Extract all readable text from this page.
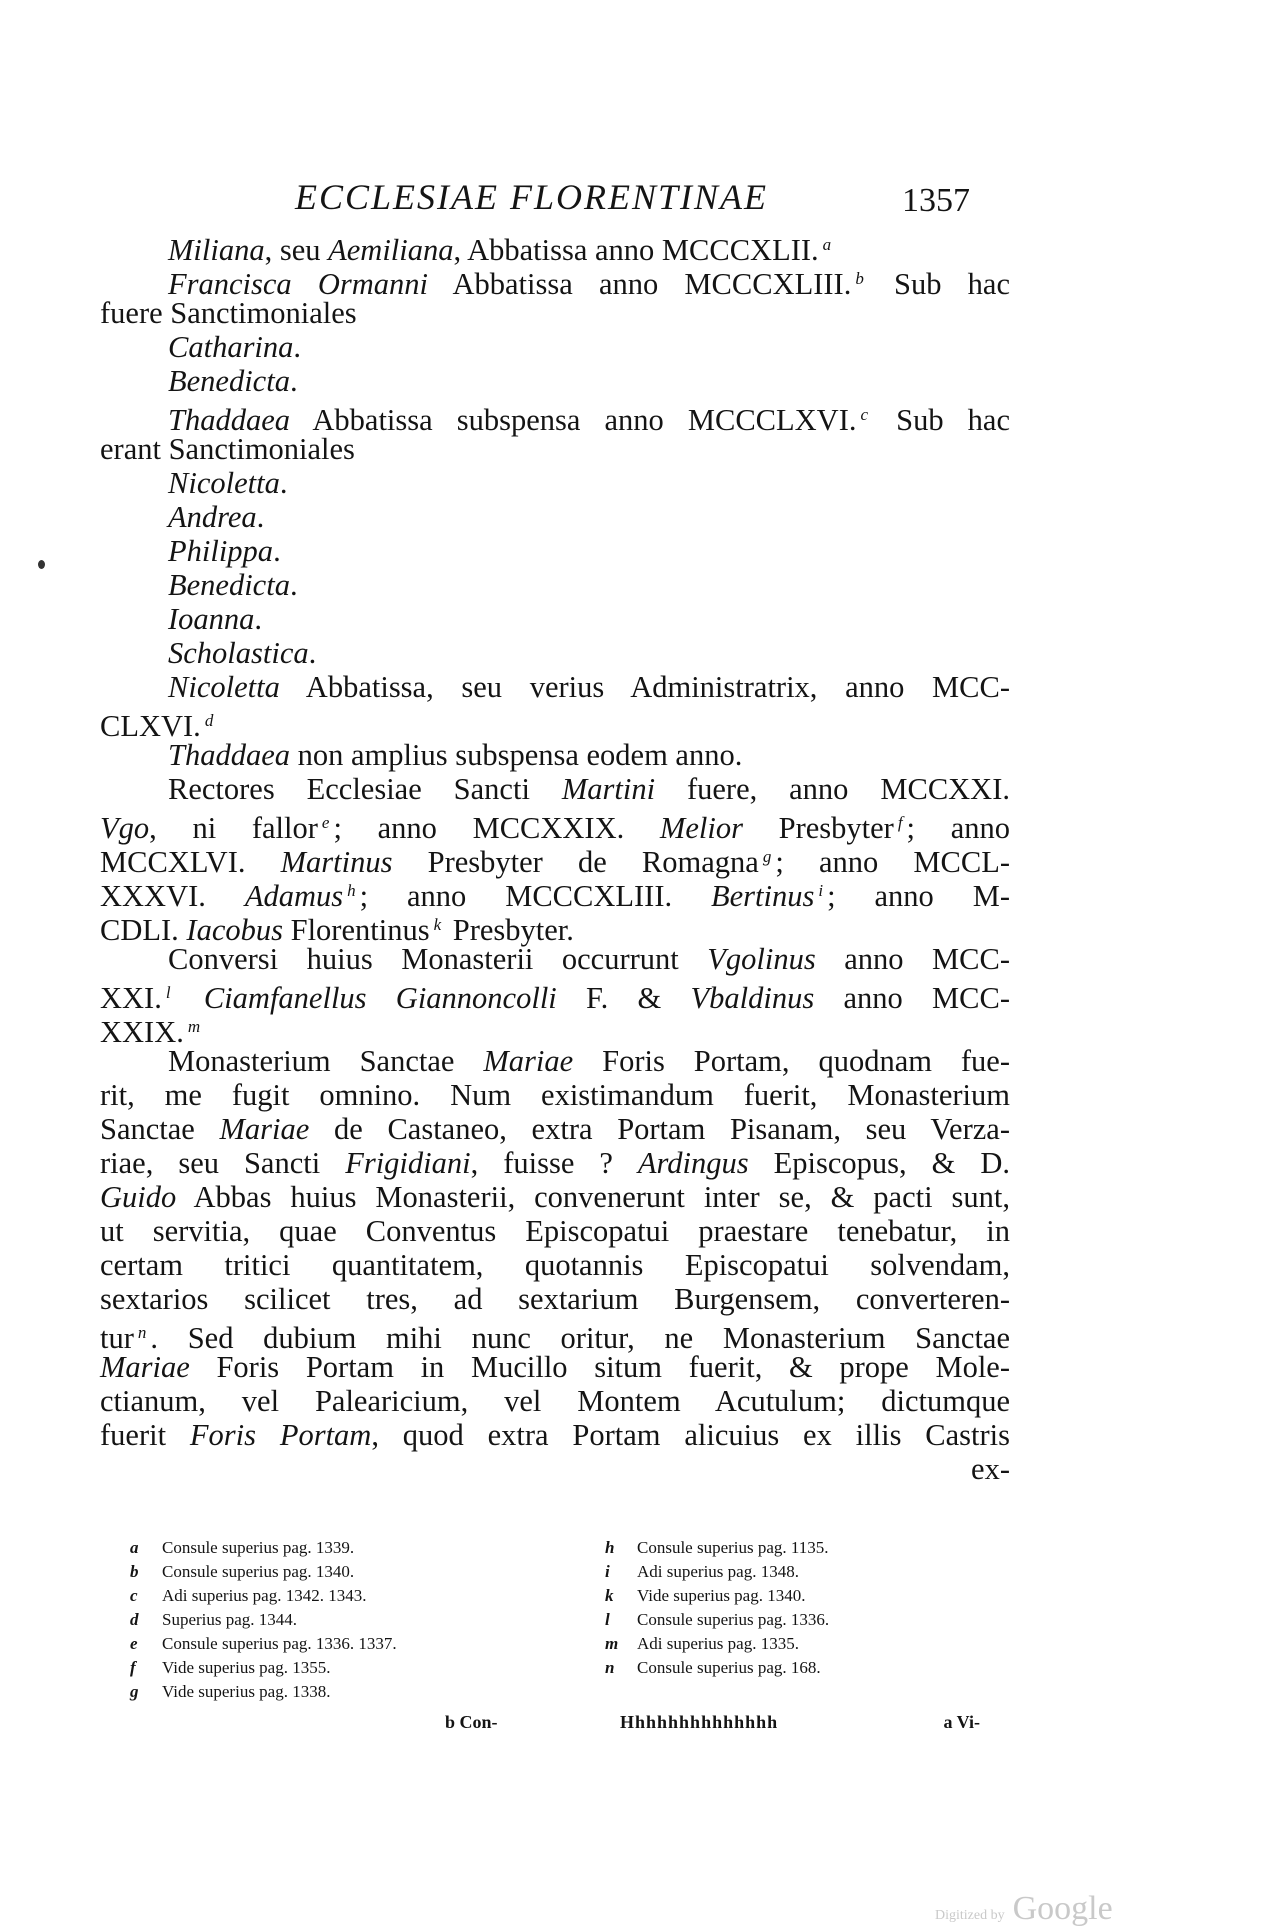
ECCLESIAE FLORENTINAE	1357
Miliana, seu Aemiliana, Abbatissa anno MCCCXLII. $^a$
Francisca Ormanni Abbatissa anno MCCCXLIII. $^b$ Sub hac
fuere Sanctimoniales
Catharina.
Benedicta.
Thaddaea Abbatissa subspensa anno MCCCLXVI. $^c$ Sub hac
erant Sanctimoniales
Nicoletta.
Andrea.
Philippa.
Benedicta.
Ioanna.
Scholastica.
Nicoletta Abbatissa, seu verius Administratrix, anno MCC-
CLXVI. $^d$
Thaddaea non amplius subspensa eodem anno.
Rectores Ecclesiae Sancti Martini fuere, anno MCCXXI.
Vgo, ni fallor $^e$ ; anno MCCXXIX. Melior Presbyter $^f$ ; anno
MCCXLVI. Martinus Presbyter de Romagna $^g$ ; anno MCCL-
XXXVI. Adamus $^h$ ; anno MCCCXLIII. Bertinus $^i$ ; anno M-
CDLI. Iacobus Florentinus $^k$ Presbyter.
Conversi huius Monasterii occurrunt Vgolinus anno MCC-
XXI. $^l$ Ciamfanellus Giannoncolli F. & Vbaldinus anno MCC-
XXIX. $^m$
Monasterium Sanctae Mariae Foris Portam, quodnam fue-
rit, me fugit omnino. Num existimandum fuerit, Monasterium
Sanctae Mariae de Castaneo, extra Portam Pisanam, seu Verza-
riae, seu Sancti Frigidiani, fuisse ? Ardingus Episcopus, & D.
Guido Abbas huius Monasterii, convenerunt inter se, & pacti sunt,
ut servitia, quae Conventus Episcopatui praestare tenebatur, in
certam tritici quantitatem, quotannis Episcopatui solvendam,
sextarios scilicet tres, ad sextarium Burgensem, converteren-
tur $^n$ . Sed dubium mihi nunc oritur, ne Monasterium Sanctae
Mariae Foris Portam in Mucillo situm fuerit, & prope Mole-
ctianum, vel Palearicium, vel Montem Acutulum; dictumque
fuerit Foris Portam, quod extra Portam alicuius ex illis Castris
ex-
a Consule superius pag. 1339.
b Consule superius pag. 1340.
c Adi superius pag. 1342. 1343.
d Superius pag. 1344.
e Consule superius pag. 1336. 1337.
f Vide superius pag. 1355.
g Vide superius pag. 1338.
h Consule superius pag. 1135.
i Adi superius pag. 1348.
k Vide superius pag. 1340.
l Consule superius pag. 1336.
m Adi superius pag. 1335.
n Consule superius pag. 168.
b Con-	Hhhhhhhhhhhhhh	a Vi-
Digitized by Google
